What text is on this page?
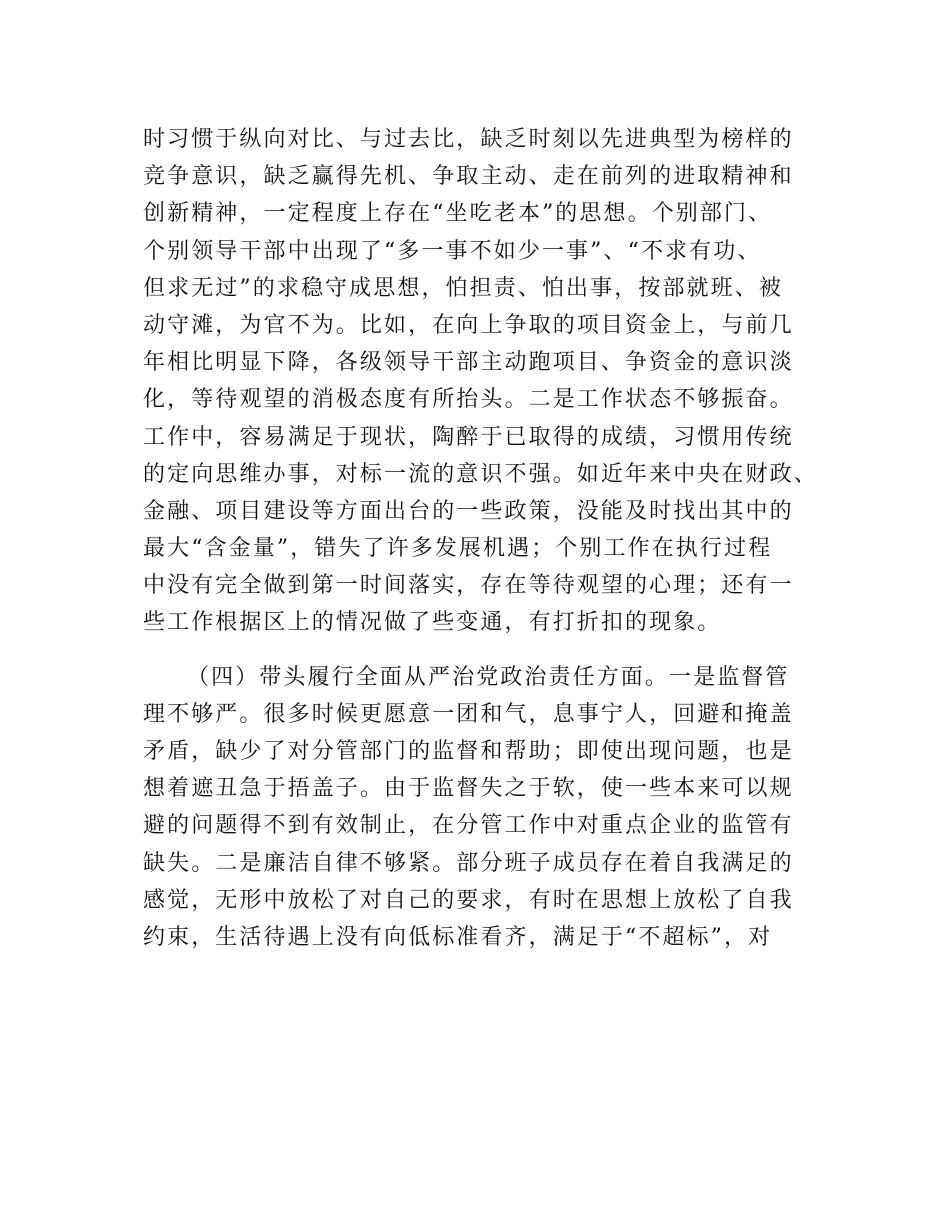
时习惯于纵向对比、与过去比，缺乏时刻以先进典型为榜样的
竞争意识，缺乏赢得先机、争取主动、走在前列的进取精神和
创新精神，一定程度上存在“坐吃老本”的思想。个别部门、
个别领导干部中出现了“多一事不如少一事”、“不求有功、
但求无过”的求稳守成思想，怕担责、怕出事，按部就班、被
动守滩，为官不为。比如，在向上争取的项目资金上，与前几
年相比明显下降，各级领导干部主动跑项目、争资金的意识淡
化，等待观望的消极态度有所抬头。二是工作状态不够振奋。
工作中，容易满足于现状，陶醉于已取得的成绩，习惯用传统
的定向思维办事，对标一流的意识不强。如近年来中央在财政、
金融、项目建设等方面出台的一些政策，没能及时找出其中的
最大“含金量”，错失了许多发展机遇；个别工作在执行过程
中没有完全做到第一时间落实，存在等待观望的心理；还有一
些工作根据区上的情况做了些变通，有打折扣的现象。
（四）带头履行全面从严治党政治责任方面。一是监督管
理不够严。很多时候更愿意一团和气，息事宁人，回避和掩盖
矛盾，缺少了对分管部门的监督和帮助；即使出现问题，也是
想着遮丑急于捂盖子。由于监督失之于软，使一些本来可以规
避的问题得不到有效制止，在分管工作中对重点企业的监管有
缺失。二是廉洁自律不够紧。部分班子成员存在着自我满足的
感觉，无形中放松了对自己的要求，有时在思想上放松了自我
约束，生活待遇上没有向低标准看齐，满足于“不超标”，对
